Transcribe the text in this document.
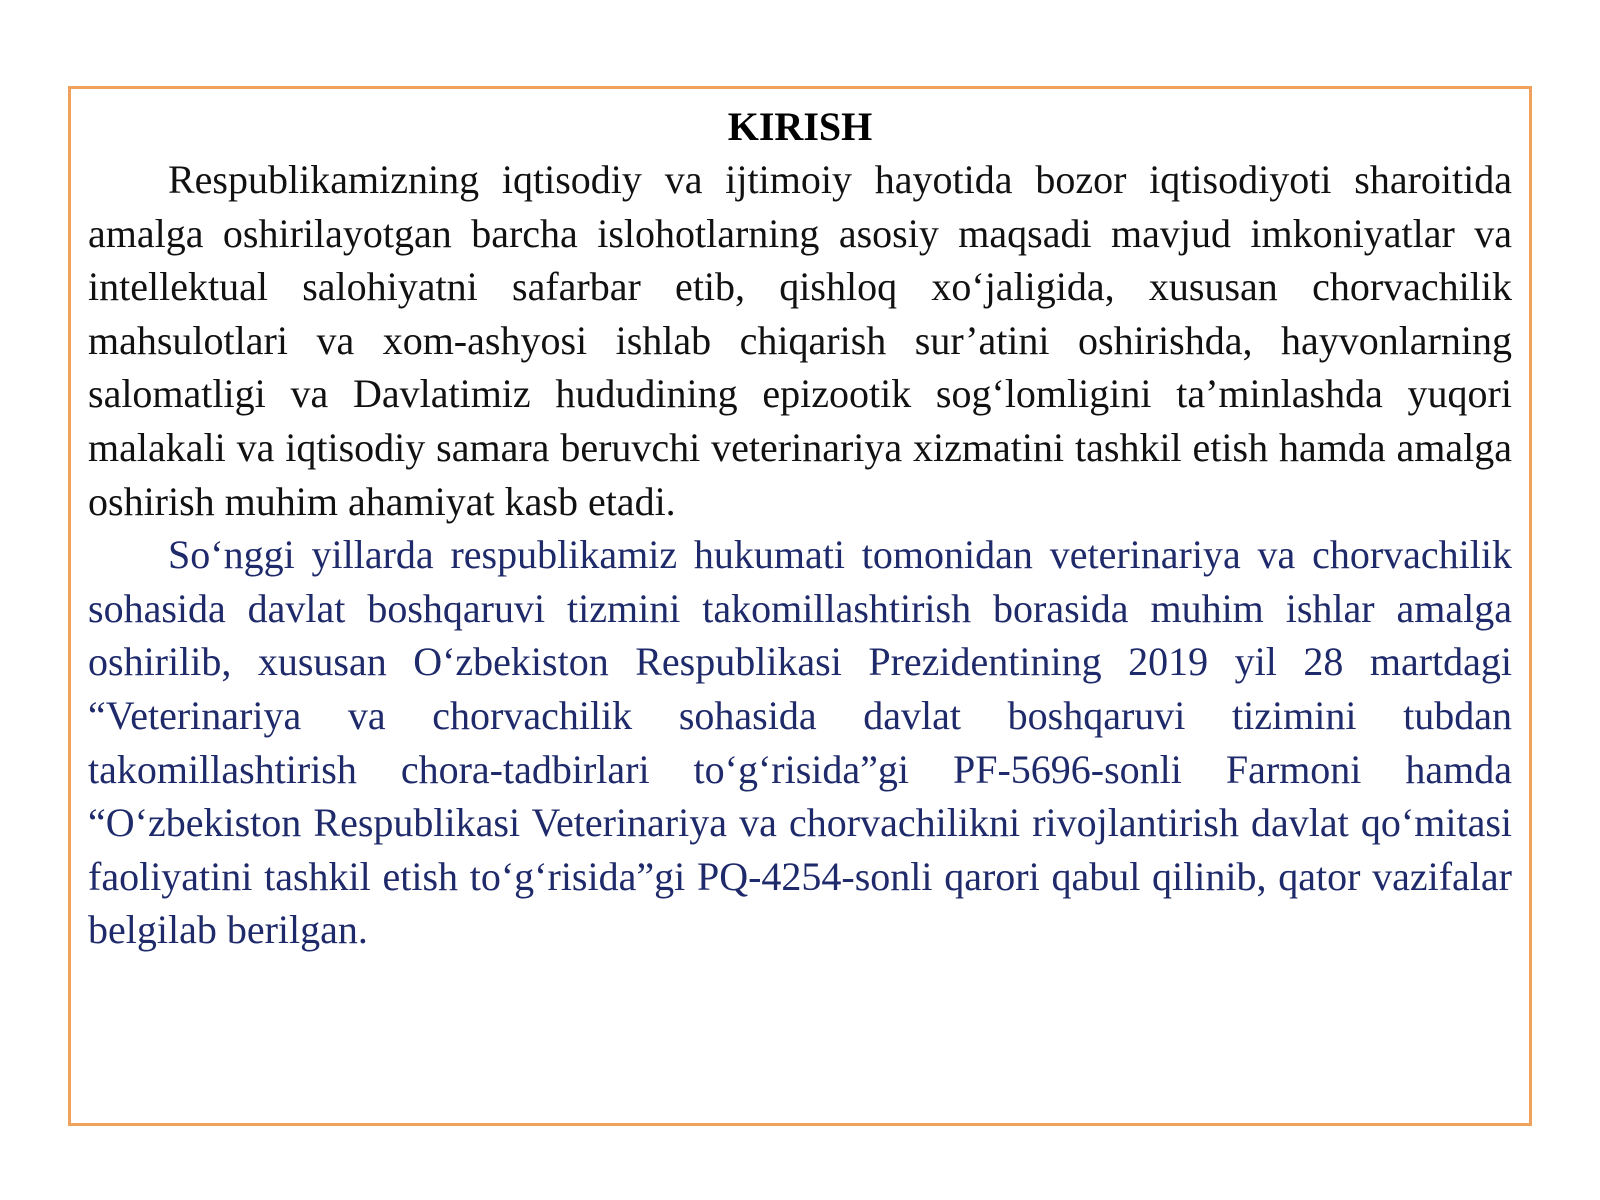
KIRISH

Respublikamizning iqtisodiy va ijtimoiy hayotida bozor iqtisodiyoti sharoitida amalga oshirilayotgan barcha islohotlarning asosiy maqsadi mavjud imkoniyatlar va intellektual salohiyatni safarbar etib, qishloq xo‘jaligida, xususan chorvachilik mahsulotlari va xom-ashyosi ishlab chiqarish sur’atini oshirishda, hayvonlarning salomatligi va Davlatimiz hududining epizootik sog‘lomligini ta’minlashda yuqori malakali va iqtisodiy samara beruvchi veterinariya xizmatini tashkil etish hamda amalga oshirish muhim ahamiyat kasb etadi.

So‘nggi yillarda respublikamiz hukumati tomonidan veterinariya va chorvachilik sohasida davlat boshqaruvi tizmini takomillashtirish borasida muhim ishlar amalga oshirilib, xususan O‘zbekiston Respublikasi Prezidentining 2019 yil 28 martdagi “Veterinariya va chorvachilik sohasida davlat boshqaruvi tizimini tubdan takomillashtirish chora-tadbirlari to‘g‘risida”gi PF-5696-sonli Farmoni hamda “O‘zbekiston Respublikasi Veterinariya va chorvachilikni rivojlantirish davlat qo‘mitasi faoliyatini tashkil etish to‘g‘risida”gi PQ-4254-sonli qarori qabul qilinib, qator vazifalar belgilab berilgan.
